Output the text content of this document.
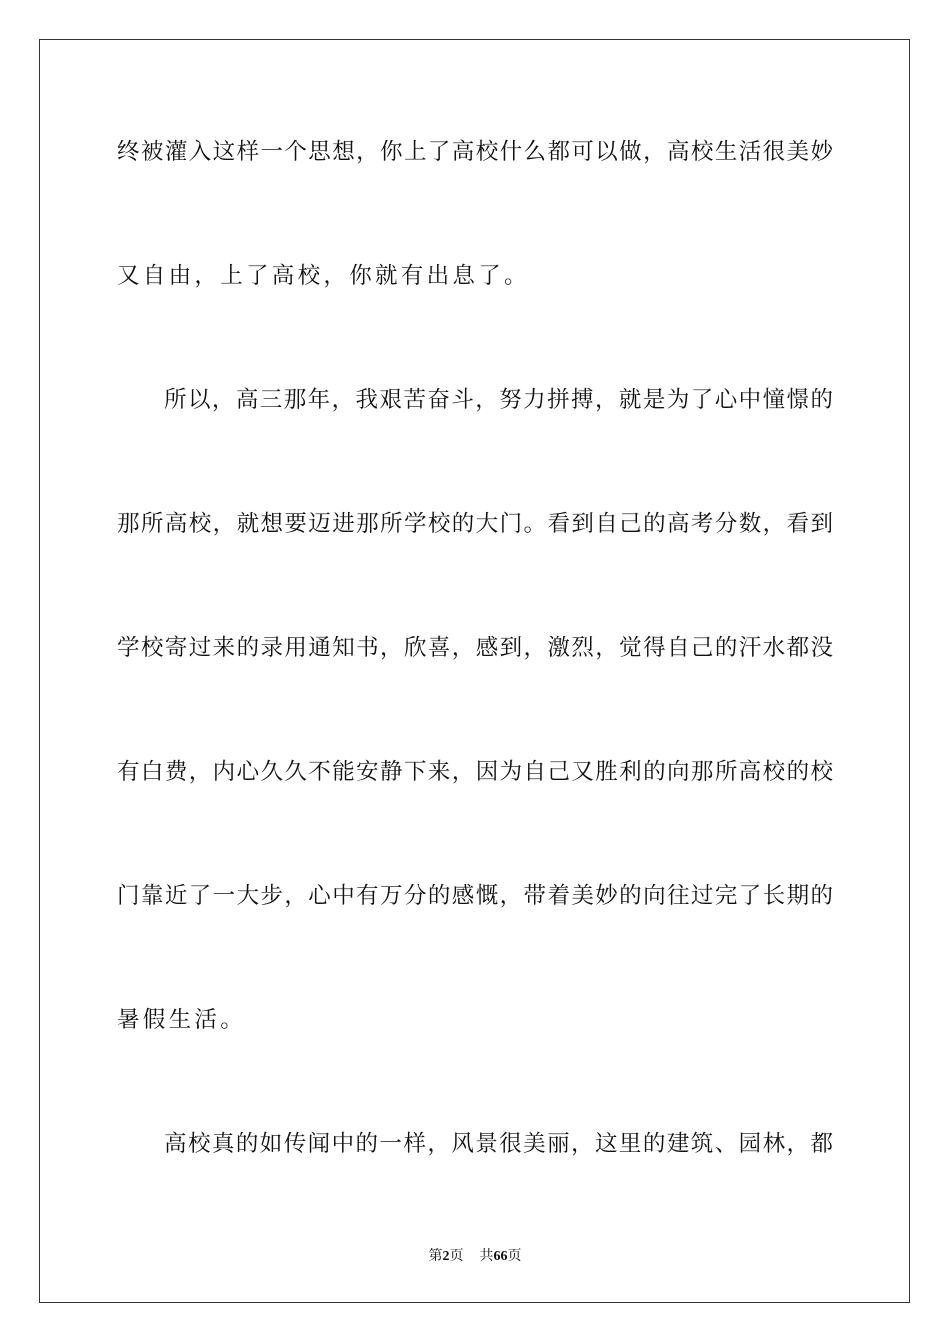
终被灌入这样一个思想，你上了高校什么都可以做，高校生活很美妙
又自由，上了高校，你就有出息了。
所以，高三那年，我艰苦奋斗，努力拼搏，就是为了心中憧憬的
那所高校，就想要迈进那所学校的大门。看到自己的高考分数，看到
学校寄过来的录用通知书，欣喜，感到，激烈，觉得自己的汗水都没
有白费，内心久久不能安静下来，因为自己又胜利的向那所高校的校
门靠近了一大步，心中有万分的感慨，带着美妙的向往过完了长期的
暑假生活。
高校真的如传闻中的一样，风景很美丽，这里的建筑、园林，都
第2页 共66页
